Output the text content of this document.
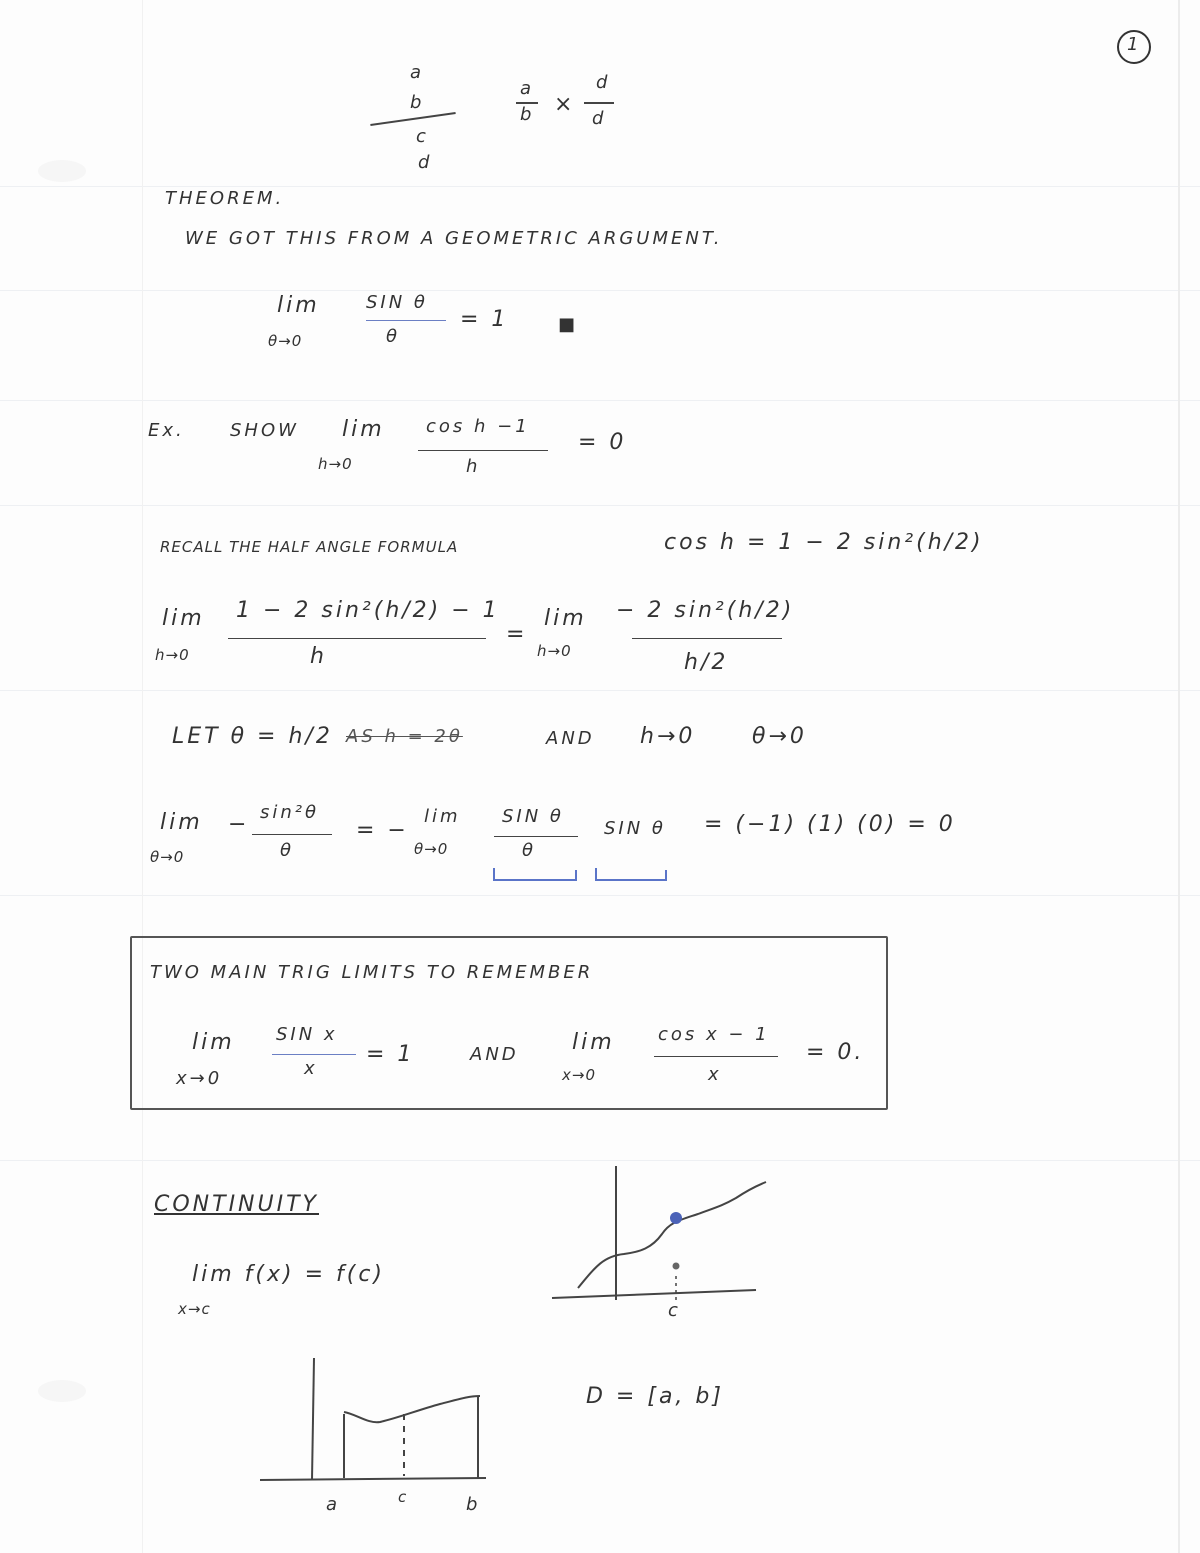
1
a
b
c
d
a
b ×
d
d
THEOREM.
WE GOT THIS FROM A GEOMETRIC ARGUMENT.
lim
θ→0
SIN θ
θ
= 1	■
Ex.	SHOW lim
h→0
cos h −1
h
= 0
RECALL THE HALF ANGLE FORMULA	cos h = 1 − 2 sin²(h/2)
lim
h→0
1 − 2 sin²(h/2) − 1
h
=
lim
h→0
− 2 sin²(h/2)
h/2
LET θ = h/2 AS h = 2θ	AND h→0	θ→0
lim
θ→0
− sin²θ
θ
= −
lim
θ→0
SIN θ
θ
SIN θ = (−1) (1) (0) = 0
TWO MAIN TRIG LIMITS TO REMEMBER
lim
x→0
SIN x
x
= 1	AND lim
x→0
cos x − 1
x
= 0.
CONTINUITY
lim f(x) = f(c)
x→c	c
a	c	b
D = [a, b]
